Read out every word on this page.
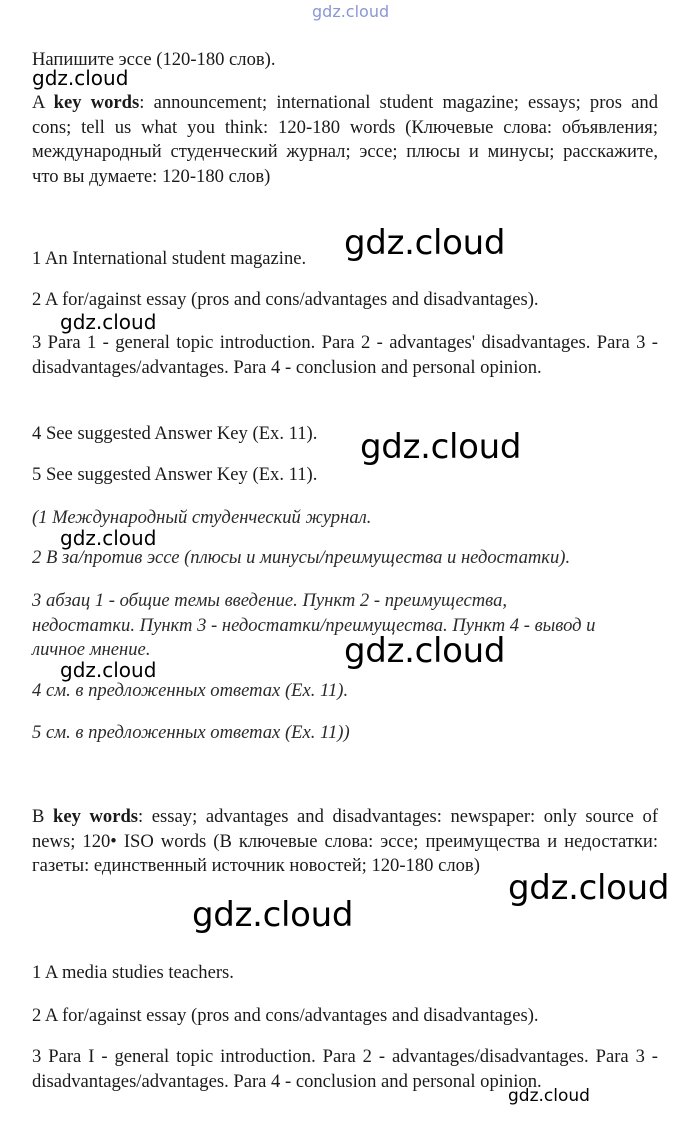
gdz.cloud

Напишите эссе (120-180 слов).

A key words: announcement; international student magazine; essays; pros and cons; tell us what you think: 120-180 words (Ключевые слова: объявления; международный студенческий журнал; эссе; плюсы и минусы; расскажите, что вы думаете: 120-180 слов)

1 An International student magazine.

2 A for/against essay (pros and cons/advantages and disadvantages).

3 Para 1 - general topic introduction. Para 2 - advantages' disadvantages. Para 3 - disadvantages/advantages. Para 4 - conclusion and personal opinion.

4 See suggested Answer Key (Ex. 11).

5 See suggested Answer Key (Ex. 11).

(1 Международный студенческий журнал.

2 В за/против эссе (плюсы и минусы/преимущества и недостатки).

3 абзац 1 - общие темы введение. Пункт 2 - преимущества, недостатки. Пункт 3 - недостатки/преимущества. Пункт 4 - вывод и личное мнение.

4 см. в предложенных ответах (Ex. 11).

5 см. в предложенных ответах (Ex. 11))

B key words: essay; advantages and disadvantages: newspaper: only source of news; 120• ISO words (В ключевые слова: эссе; преимущества и недостатки: газеты: единственный источник новостей; 120-180 слов)

1 A media studies teachers.

2 A for/against essay (pros and cons/advantages and disadvantages).

3 Para I - general topic introduction. Para 2 - advantages/disadvantages. Para 3 - disadvantages/advantages. Para 4 - conclusion and personal opinion.

gdz.cloud
gdz.cloud
gdz.cloud
gdz.cloud
gdz.cloud
gdz.cloud
gdz.cloud
gdz.cloud
gdz.cloud
gdz.cloud
